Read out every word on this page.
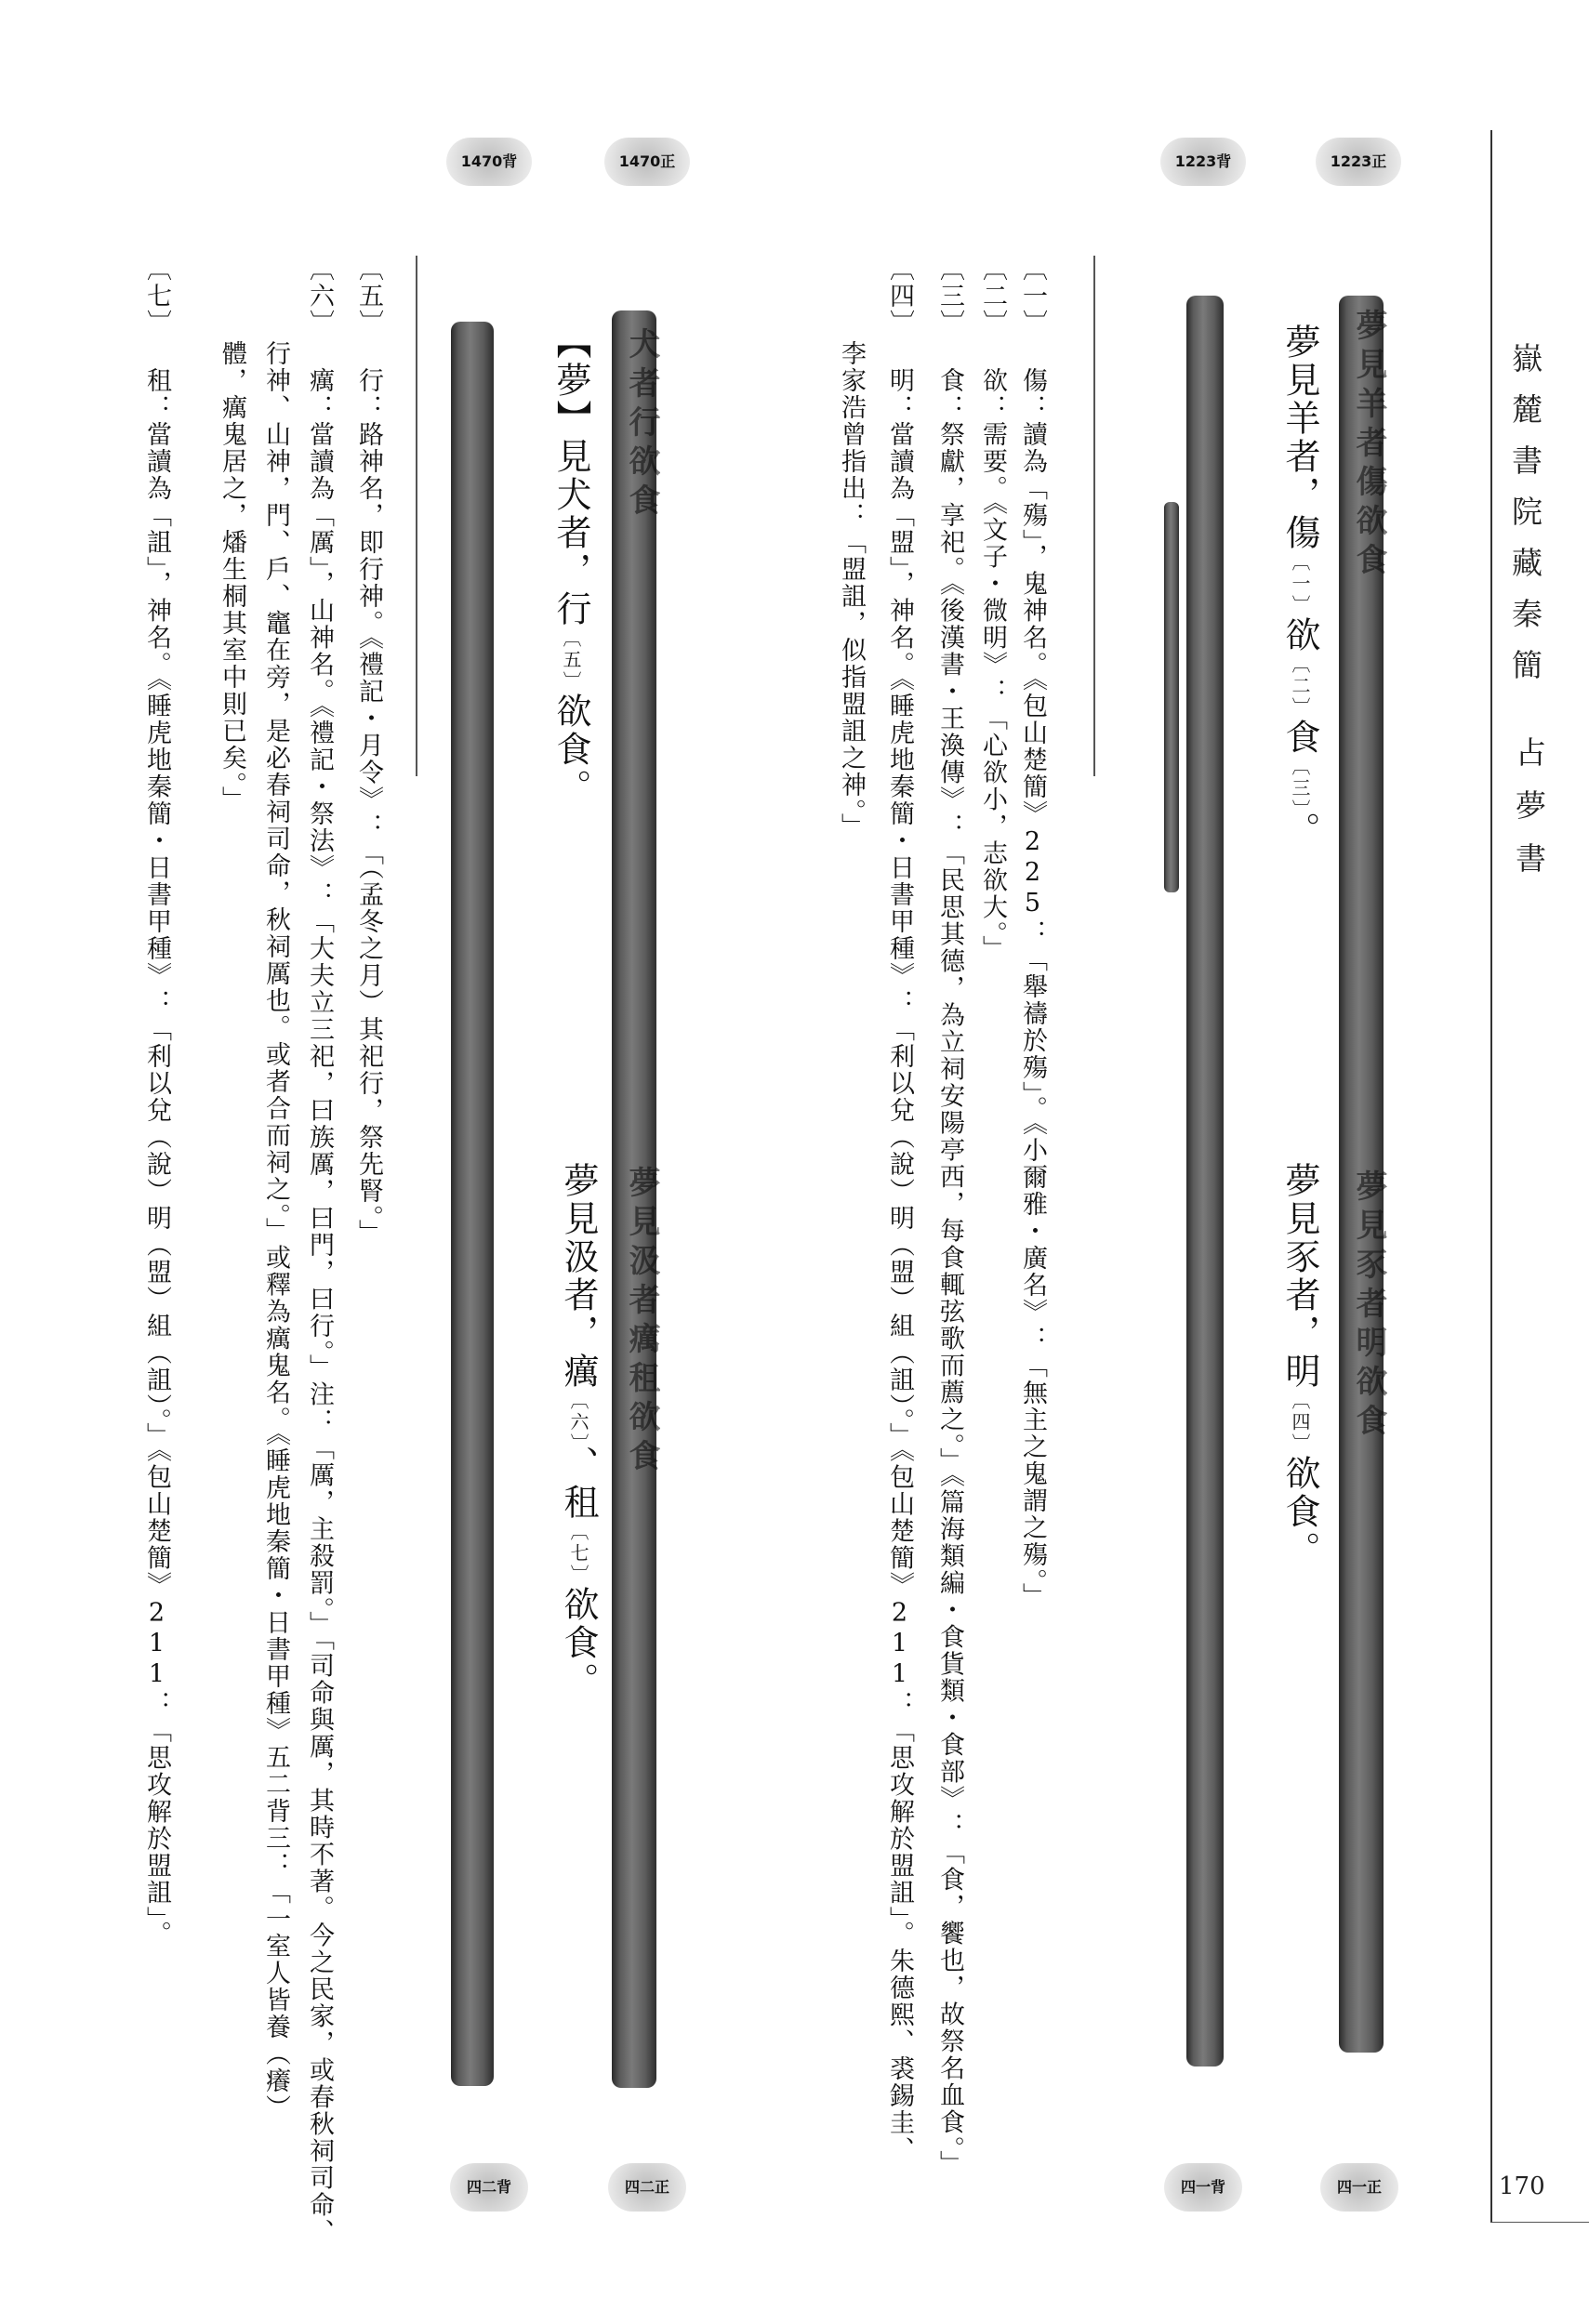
嶽麓書院藏秦簡
占夢書
170
1470背	1470正	1223背	1223正
四二背	四二正	四一背	四一正
犬者行欲食
夢見汲者癘租欲食
夢見羊者傷欲食
夢見豕者明欲食
夢見羊者，傷〔一〕欲〔二〕食〔三〕。
夢見豕者，明〔四〕欲食。
【夢】見犬者，行〔五〕欲食。
夢見汲者，癘〔六〕、租〔七〕欲食。
〔一〕 傷：讀為「殤」，鬼神名。《包山楚簡》225：「舉禱於殤」。《小爾雅・廣名》：「無主之鬼謂之殤。」
〔二〕 欲：需要。《文子・微明》：「心欲小，志欲大。」
〔三〕 食：祭獻，享祀。《後漢書・王渙傳》：「民思其德，為立祠安陽亭西，每食輒弦歌而薦之。」《篇海類編・食貨類・食部》：「食，饗也，故祭名血食。」
〔四〕 明：當讀為「盟」，神名。《睡虎地秦簡・日書甲種》：「利以兌（說）明（盟）組（詛）。」《包山楚簡》211：「思攻解於盟詛」。朱德熙、裘錫圭、
　　 李家浩曾指出：「盟詛，似指盟詛之神。」
〔五〕 行：路神名，即行神。《禮記・月令》：「（孟冬之月）其祀行，祭先腎。」
〔六〕 癘：當讀為「厲」，山神名。《禮記・祭法》：「大夫立三祀，曰族厲，曰門，曰行。」注：「厲，主殺罰。」「司命與厲，其時不著。今之民家，或春秋祠司命、
　　 行神、山神，門、戶、竈在旁，是必春祠司命，秋祠厲也。或者合而祠之。」或釋為癘鬼名。《睡虎地秦簡・日書甲種》五二背三：「一室人皆養（癢）
　　 體，癘鬼居之，燔生桐其室中則已矣。」
〔七〕 租：當讀為「詛」，神名。《睡虎地秦簡・日書甲種》：「利以兌（說）明（盟）組（詛）。」《包山楚簡》211：「思攻解於盟詛」。
